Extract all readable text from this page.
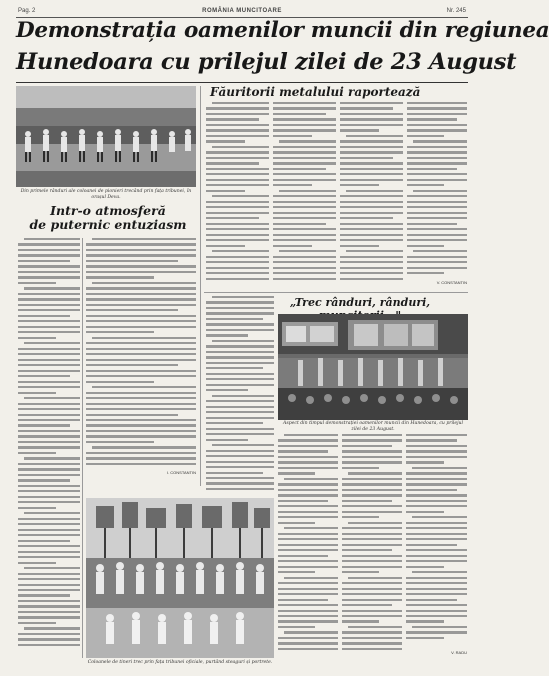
Pag. 2	ROMÂNIA MUNCITOARE	Nr. 245
Demonstrația oamenilor muncii din regiunea
Hunedoara cu prilejul zilei de 23 August
Din primele rânduri ale coloanei de pionieri trecând prin fața tribunei, în orașul Deva.
Intr-o atmosferă
de puternic entuziasm
Făuritorii metalului raportează
V. CONSTANTIN
I. CONSTANTIN
„Trec rânduri, rânduri,
Aspect din timpul demonstrației oamenilor muncii din Hunedoara, cu prilejul zilei de 23 August.
V. RADU
Coloanele de tineri trec prin fața tribunei oficiale, purtând steaguri și portrete.
